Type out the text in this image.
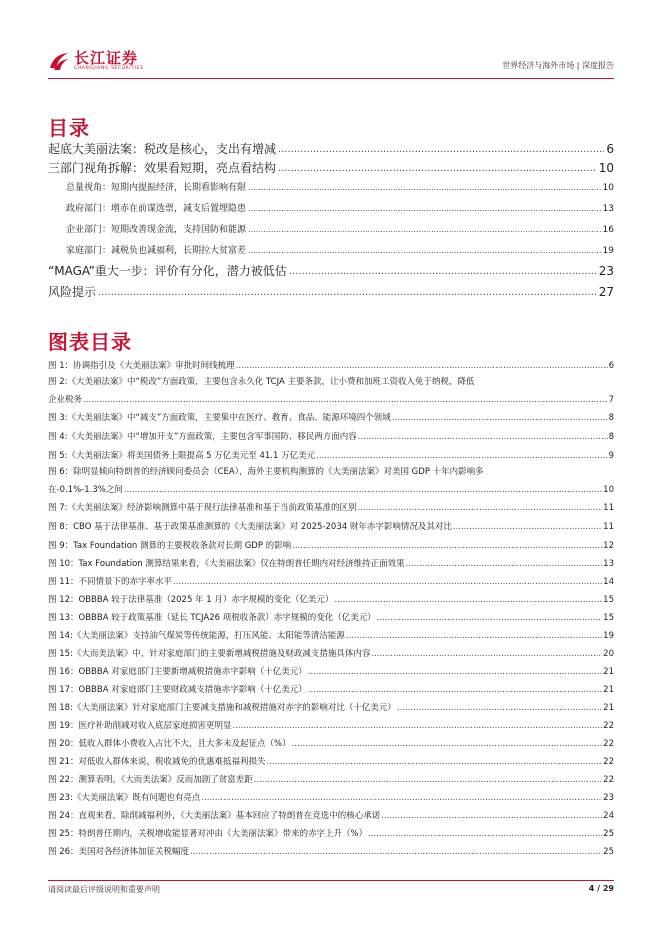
长江证券
CHANGJIANG SECURITIES	世界经济与海外市场 | 深度报告
目录
起底大美丽法案：税改是核心，支出有增减 .....	6
三部门视角拆解：效果看短期，亮点看结构 .....	10
总量视角：短期内提振经济，长期看影响有限 .....	10
政府部门：增赤在前谋选票，减支后置埋隐患 .....	13
企业部门：短期改善现金流，支持国防和能源 .....	16
家庭部门：减税负也减福利，长期拉大贫富差 .....	19
“MAGA”重大一步：评价有分化，潜力被低估 .....	23
风险提示 .....	27
图表目录
图 1：协调指引及《大美丽法案》审批时间线梳理 .....	6
图 2:《大美丽法案》中“税改”方面政策，主要包含永久化 TCJA 主要条款，让小费和加班工资收入免于纳税，降低
企业税务 .....	7
图 3:《大美丽法案》中“减支”方面政策，主要集中在医疗、教育、食品、能源环境四个领域 .....	8
图 4:《大美丽法案》中“增加开支”方面政策，主要包含军事国防、移民两方面内容 .....	8
图 5:《大美丽法案》将美国债务上限提高 5 万亿美元至 41.1 万亿美元 .....	9
图 6：除明显倾向特朗普的经济顾问委员会（CEA），海外主要机构测算的《大美丽法案》对美国 GDP 十年内影响多
在-0.1%-1.3%之间 .....	10
图 7:《大美丽法案》经济影响测算中基于现行法律基准和基于当前政策基准的区别 .....	11
图 8：CBO 基于法律基准、基于政策基准测算的《大美丽法案》对 2025-2034 财年赤字影响情况及其对比 .....	11
图 9：Tax Foundation 测算的主要税收条款对长期 GDP 的影响 .....	12
图 10：Tax Foundation 测算结果来看，《大美丽法案》仅在特朗普任期内对经济维持正面效果 .....	13
图 11：不同情景下的赤字率水平 .....	14
图 12：OBBBA 较于法律基准（2025 年 1 月）赤字规模的变化（亿美元） .....	15
图 13：OBBBA 较于政策基准（延长 TCJA26 项税收条款）赤字规模的变化（亿美元） .....	15
图 14:《大美丽法案》支持油气煤炭等传统能源，打压风能、太阳能等清洁能源 .....	19
图 15:《大而美法案》中，针对家庭部门的主要新增减税措施及财政减支措施具体内容 .....	20
图 16：OBBBA 对家庭部门主要新增减税措施赤字影响（十亿美元） .....	21
图 17：OBBBA 对家庭部门主要财政减支措施赤字影响（十亿美元） .....	21
图 18:《大美丽法案》针对家庭部门主要减支措施和减税措施对赤字的影响对比（十亿美元） .....	21
图 19：医疗补助削减对收入底层家庭损害更明显 .....	22
图 20：低收入群体小费收入占比不大，且大多未及起征点（%） .....	22
图 21：对低收入群体来说，税收减免的优惠难抵福利损失 .....	22
图 22：测算表明，《大而美法案》反而加剧了贫富差距 .....	22
图 23:《大美丽法案》既有问题也有亮点 .....	23
图 24：直观来看，除削减福利外，《大美丽法案》基本回应了特朗普在竞选中的核心承诺 .....	24
图 25：特朗普任期内，关税增收能显著对冲由《大美丽法案》带来的赤字上升（%） .....	25
图 26：美国对各经济体加征关税幅度 .....	25
请阅读最后评级说明和重要声明	4 / 29
